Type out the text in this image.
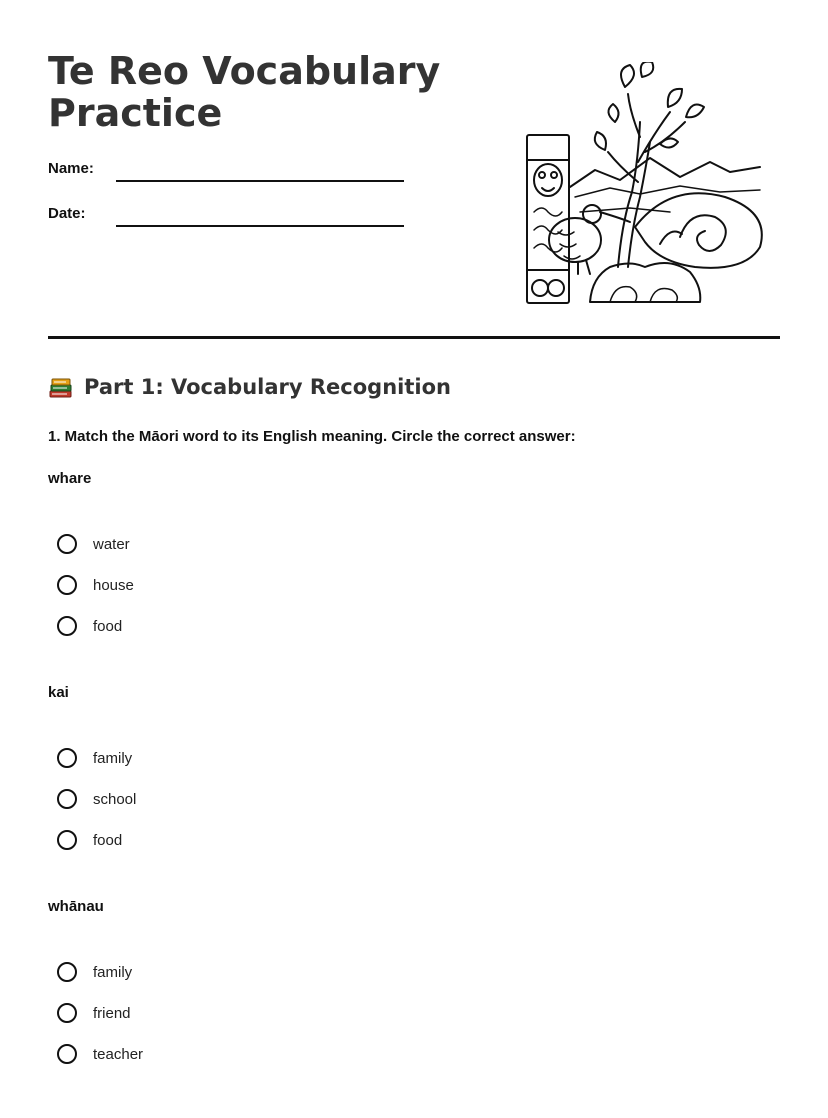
Te Reo Vocabulary
Practice
Name:
Date:
Part 1: Vocabulary Recognition
1. Match the Māori word to its English meaning. Circle the correct answer:
whare
water
house
food
kai
family
school
food
whānau
family
friend
teacher
